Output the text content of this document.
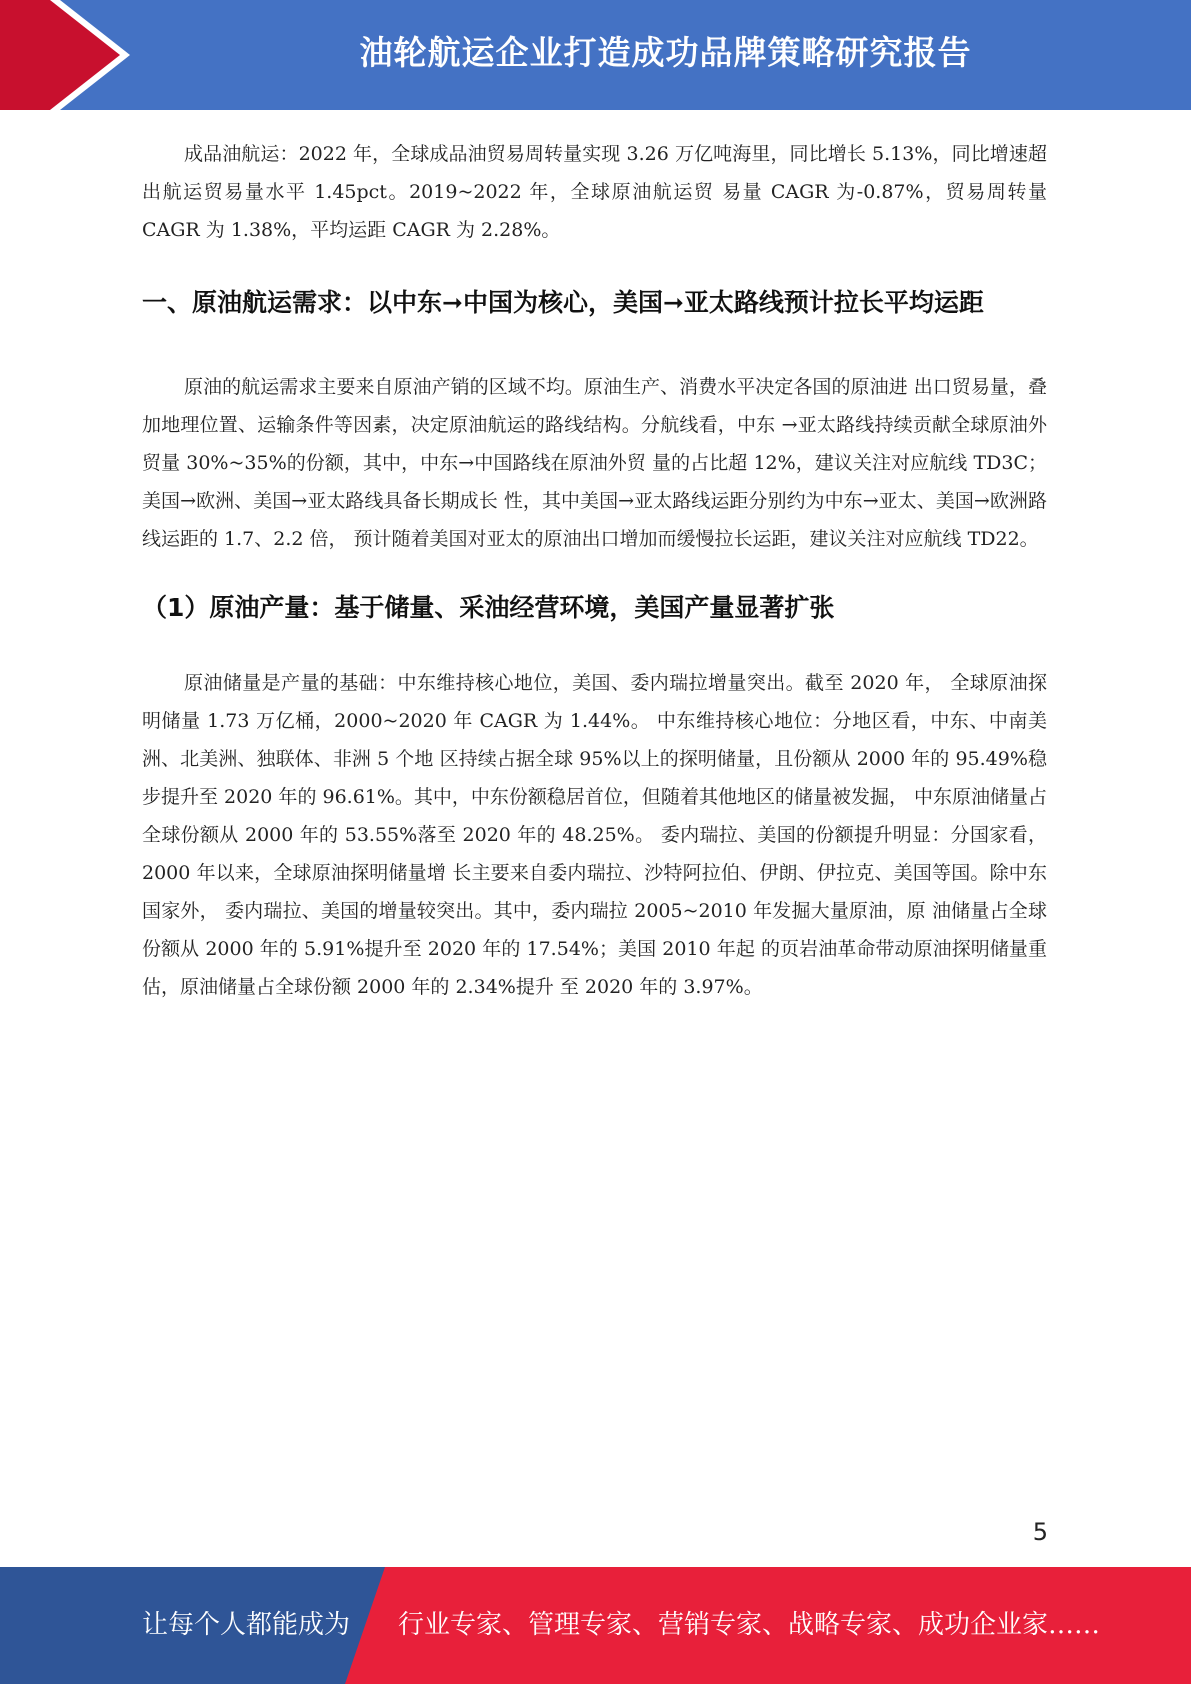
油轮航运企业打造成功品牌策略研究报告

成品油航运：2022 年，全球成品油贸易周转量实现 3.26 万亿吨海里，同比增长 5.13%，同比增速超出航运贸易量水平 1.45pct。2019~2022 年，全球原油航运贸 易量 CAGR 为-0.87%，贸易周转量 CAGR 为 1.38%，平均运距 CAGR 为 2.28%。

一、原油航运需求：以中东➞中国为核心，美国➞亚太路线预计拉长平均运距

原油的航运需求主要来自原油产销的区域不均。原油生产、消费水平决定各国的原油进 出口贸易量，叠加地理位置、运输条件等因素，决定原油航运的路线结构。分航线看，中东 →亚太路线持续贡献全球原油外贸量 30%~35%的份额，其中，中东→中国路线在原油外贸 量的占比超 12%，建议关注对应航线 TD3C；美国→欧洲、美国→亚太路线具备长期成长 性，其中美国→亚太路线运距分别约为中东→亚太、美国→欧洲路线运距的 1.7、2.2 倍， 预计随着美国对亚太的原油出口增加而缓慢拉长运距，建议关注对应航线 TD22。

（1）原油产量：基于储量、采油经营环境，美国产量显著扩张

原油储量是产量的基础：中东维持核心地位，美国、委内瑞拉增量突出。截至 2020 年， 全球原油探明储量 1.73 万亿桶，2000~2020 年 CAGR 为 1.44%。 中东维持核心地位：分地区看，中东、中南美洲、北美洲、独联体、非洲 5 个地 区持续占据全球 95%以上的探明储量，且份额从 2000 年的 95.49%稳步提升至 2020 年的 96.61%。其中，中东份额稳居首位，但随着其他地区的储量被发掘， 中东原油储量占全球份额从 2000 年的 53.55%落至 2020 年的 48.25%。 委内瑞拉、美国的份额提升明显：分国家看，2000 年以来，全球原油探明储量增 长主要来自委内瑞拉、沙特阿拉伯、伊朗、伊拉克、美国等国。除中东国家外， 委内瑞拉、美国的增量较突出。其中，委内瑞拉 2005~2010 年发掘大量原油，原 油储量占全球份额从 2000 年的 5.91%提升至 2020 年的 17.54%；美国 2010 年起 的页岩油革命带动原油探明储量重估，原油储量占全球份额 2000 年的 2.34%提升 至 2020 年的 3.97%。

5
让每个人都能成为 行业专家、管理专家、营销专家、战略专家、成功企业家……
